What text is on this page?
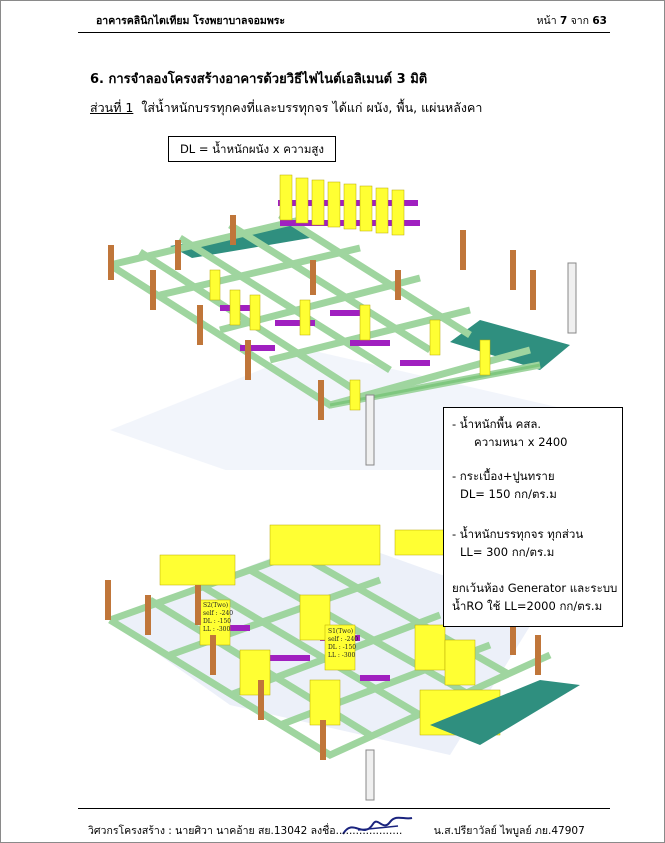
อาคารคลินิกไตเทียม โรงพยาบาลจอมพระ	หน้า 7 จาก 63
6. การจำลองโครงสร้างอาคารด้วยวิธีไฟไนต์เอลิเมนต์ 3 มิติ
ส่วนที่ 1 ใส่น้ำหนักบรรทุกคงที่และบรรทุกจร ได้แก่ ผนัง, พื้น, แผ่นหลังคา
DL = น้ำหนักผนัง x ความสูง
S2(Two)
self : -240
DL : -150
LL : -300	S1(Two)
self : -240
DL : -150
LL : -300
- น้ำหนักพื้น คสล.
ความหนา x 2400
- กระเบื้อง+ปูนทราย
DL= 150 กก/ตร.ม
- น้ำหนักบรรทุกจร ทุกส่วน
LL= 300 กก/ตร.ม
ยกเว้นห้อง Generator และระบบ
น้ำRO ใช้ LL=2000 กก/ตร.ม
วิศวกรโครงสร้าง : นายศิวา นาคอ้าย สย.13042 ลงชื่อ....................	น.ส.ปรียาวัลย์ ไพบูลย์ ภย.47907
